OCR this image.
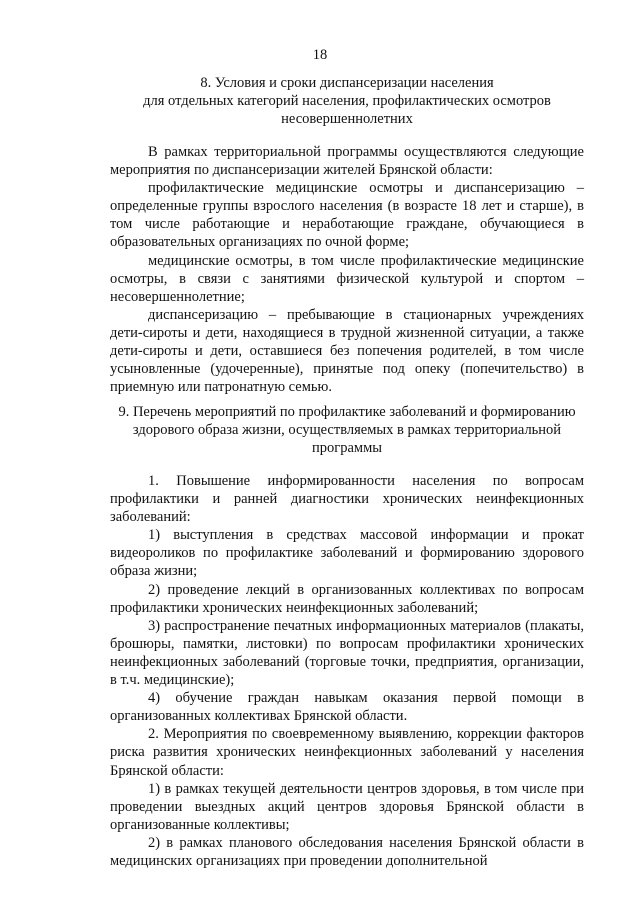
18
8. Условия и сроки диспансеризации населения
для отдельных категорий населения, профилактических осмотров
несовершеннолетних

В рамках территориальной программы осуществляются следующие мероприятия по диспансеризации жителей Брянской области:

профилактические медицинские осмотры и диспансеризацию – определенные группы взрослого населения (в возрасте 18 лет и старше), в том числе работающие и неработающие граждане, обучающиеся в образовательных организациях по очной форме;

медицинские осмотры, в том числе профилактические медицинские осмотры, в связи с занятиями физической культурой и спортом – несовершеннолетние;

диспансеризацию – пребывающие в стационарных учреждениях дети-сироты и дети, находящиеся в трудной жизненной ситуации, а также дети-сироты и дети, оставшиеся без попечения родителей, в том числе усыновленные (удочеренные), принятые под опеку (попечительство) в приемную или патронатную семью.

9. Перечень мероприятий по профилактике заболеваний и формированию
здорового образа жизни, осуществляемых в рамках территориальной
программы

1. Повышение информированности населения по вопросам профилактики и ранней диагностики хронических неинфекционных заболеваний:

1) выступления в средствах массовой информации и прокат видеороликов по профилактике заболеваний и формированию здорового образа жизни;

2) проведение лекций в организованных коллективах по вопросам профилактики хронических неинфекционных заболеваний;

3) распространение печатных информационных материалов (плакаты, брошюры, памятки, листовки) по вопросам профилактики хронических неинфекционных заболеваний (торговые точки, предприятия, организации, в т.ч. медицинские);

4) обучение граждан навыкам оказания первой помощи в организованных коллективах Брянской области.

2. Мероприятия по своевременному выявлению, коррекции факторов риска развития хронических неинфекционных заболеваний у населения Брянской области:

1) в рамках текущей деятельности центров здоровья, в том числе при проведении выездных акций центров здоровья Брянской области в организованные коллективы;

2) в рамках планового обследования населения Брянской области в медицинских организациях при проведении дополнительной
